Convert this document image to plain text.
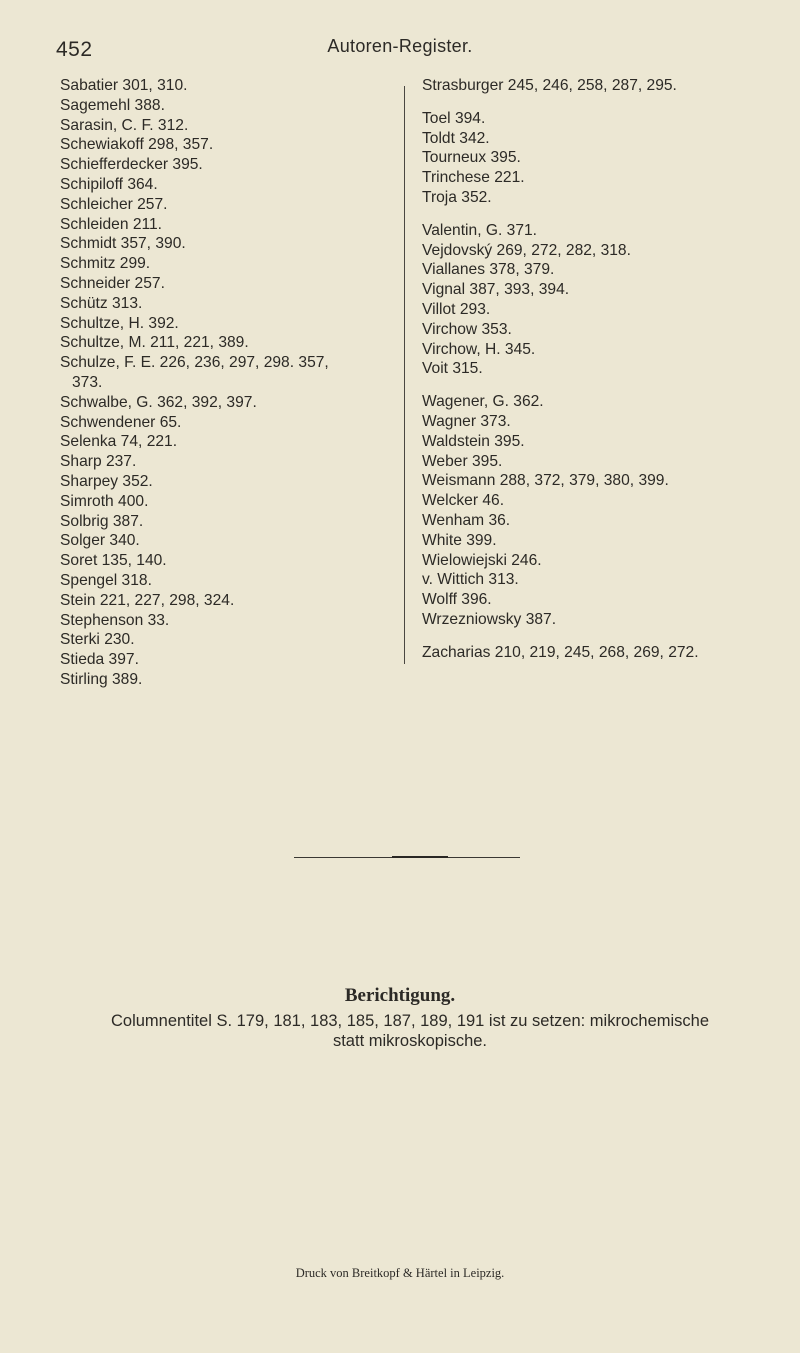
452	Autoren-Register.
Sabatier 301, 310.
Sagemehl 388.
Sarasin, C. F. 312.
Schewiakoff 298, 357.
Schiefferdecker 395.
Schipiloff 364.
Schleicher 257.
Schleiden 211.
Schmidt 357, 390.
Schmitz 299.
Schneider 257.
Schütz 313.
Schultze, H. 392.
Schultze, M. 211, 221, 389.
Schulze, F. E. 226, 236, 297, 298. 357,
373.
Schwalbe, G. 362, 392, 397.
Schwendener 65.
Selenka 74, 221.
Sharp 237.
Sharpey 352.
Simroth 400.
Solbrig 387.
Solger 340.
Soret 135, 140.
Spengel 318.
Stein 221, 227, 298, 324.
Stephenson 33.
Sterki 230.
Stieda 397.
Stirling 389.
Strasburger 245, 246, 258, 287, 295.
Toel 394.
Toldt 342.
Tourneux 395.
Trinchese 221.
Troja 352.
Valentin, G. 371.
Vejdovský 269, 272, 282, 318.
Viallanes 378, 379.
Vignal 387, 393, 394.
Villot 293.
Virchow 353.
Virchow, H. 345.
Voit 315.
Wagener, G. 362.
Wagner 373.
Waldstein 395.
Weber 395.
Weismann 288, 372, 379, 380, 399.
Welcker 46.
Wenham 36.
White 399.
Wielowiejski 246.
v. Wittich 313.
Wolff 396.
Wrzezniowsky 387.
Zacharias 210, 219, 245, 268, 269, 272.
Berichtigung.
Columnentitel S. 179, 181, 183, 185, 187, 189, 191 ist zu setzen: mikrochemische
statt mikroskopische.
Druck von Breitkopf & Härtel in Leipzig.
